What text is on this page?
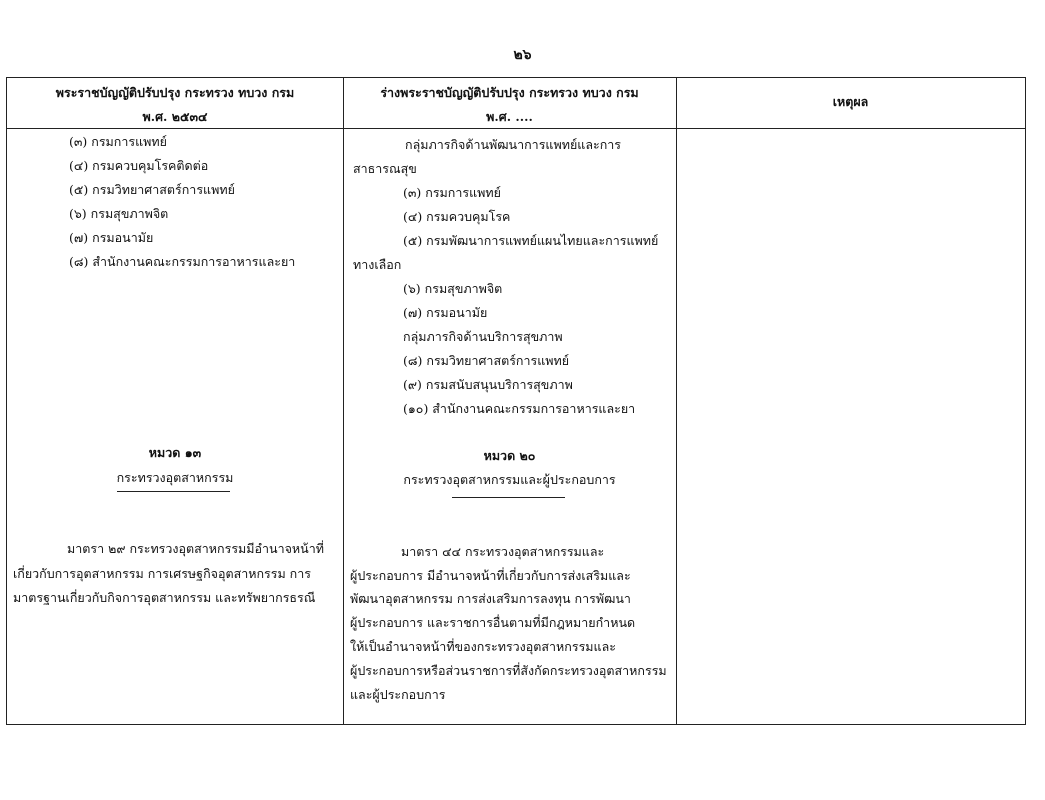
๒๖
พระราชบัญญัติปรับปรุง กระทรวง ทบวง กรม
พ.ศ. ๒๕๓๔
ร่างพระราชบัญญัติปรับปรุง กระทรวง ทบวง กรม
พ.ศ. ....
เหตุผล
(๓) กรมการแพทย์
(๔) กรมควบคุมโรคติดต่อ
(๕) กรมวิทยาศาสตร์การแพทย์
(๖) กรมสุขภาพจิต
(๗) กรมอนามัย
(๘) สำนักงานคณะกรรมการอาหารและยา
หมวด ๑๓
กระทรวงอุตสาหกรรม
มาตรา ๒๙ กระทรวงอุตสาหกรรมมีอำนาจหน้าที่
เกี่ยวกับการอุตสาหกรรม การเศรษฐกิจอุตสาหกรรม การ
มาตรฐานเกี่ยวกับกิจการอุตสาหกรรม และทรัพยากรธรณี
กลุ่มภารกิจด้านพัฒนาการแพทย์และการ
สาธารณสุข
(๓) กรมการแพทย์
(๔) กรมควบคุมโรค
(๕) กรมพัฒนาการแพทย์แผนไทยและการแพทย์
ทางเลือก
(๖) กรมสุขภาพจิต
(๗) กรมอนามัย
กลุ่มภารกิจด้านบริการสุขภาพ
(๘) กรมวิทยาศาสตร์การแพทย์
(๙) กรมสนับสนุนบริการสุขภาพ
(๑๐) สำนักงานคณะกรรมการอาหารและยา
หมวด ๒๐
กระทรวงอุตสาหกรรมและผู้ประกอบการ
มาตรา ๔๔ กระทรวงอุตสาหกรรมและ
ผู้ประกอบการ มีอำนาจหน้าที่เกี่ยวกับการส่งเสริมและ
พัฒนาอุตสาหกรรม การส่งเสริมการลงทุน การพัฒนา
ผู้ประกอบการ และราชการอื่นตามที่มีกฎหมายกำหนด
ให้เป็นอำนาจหน้าที่ของกระทรวงอุตสาหกรรมและ
ผู้ประกอบการหรือส่วนราชการที่สังกัดกระทรวงอุตสาหกรรม
และผู้ประกอบการ
